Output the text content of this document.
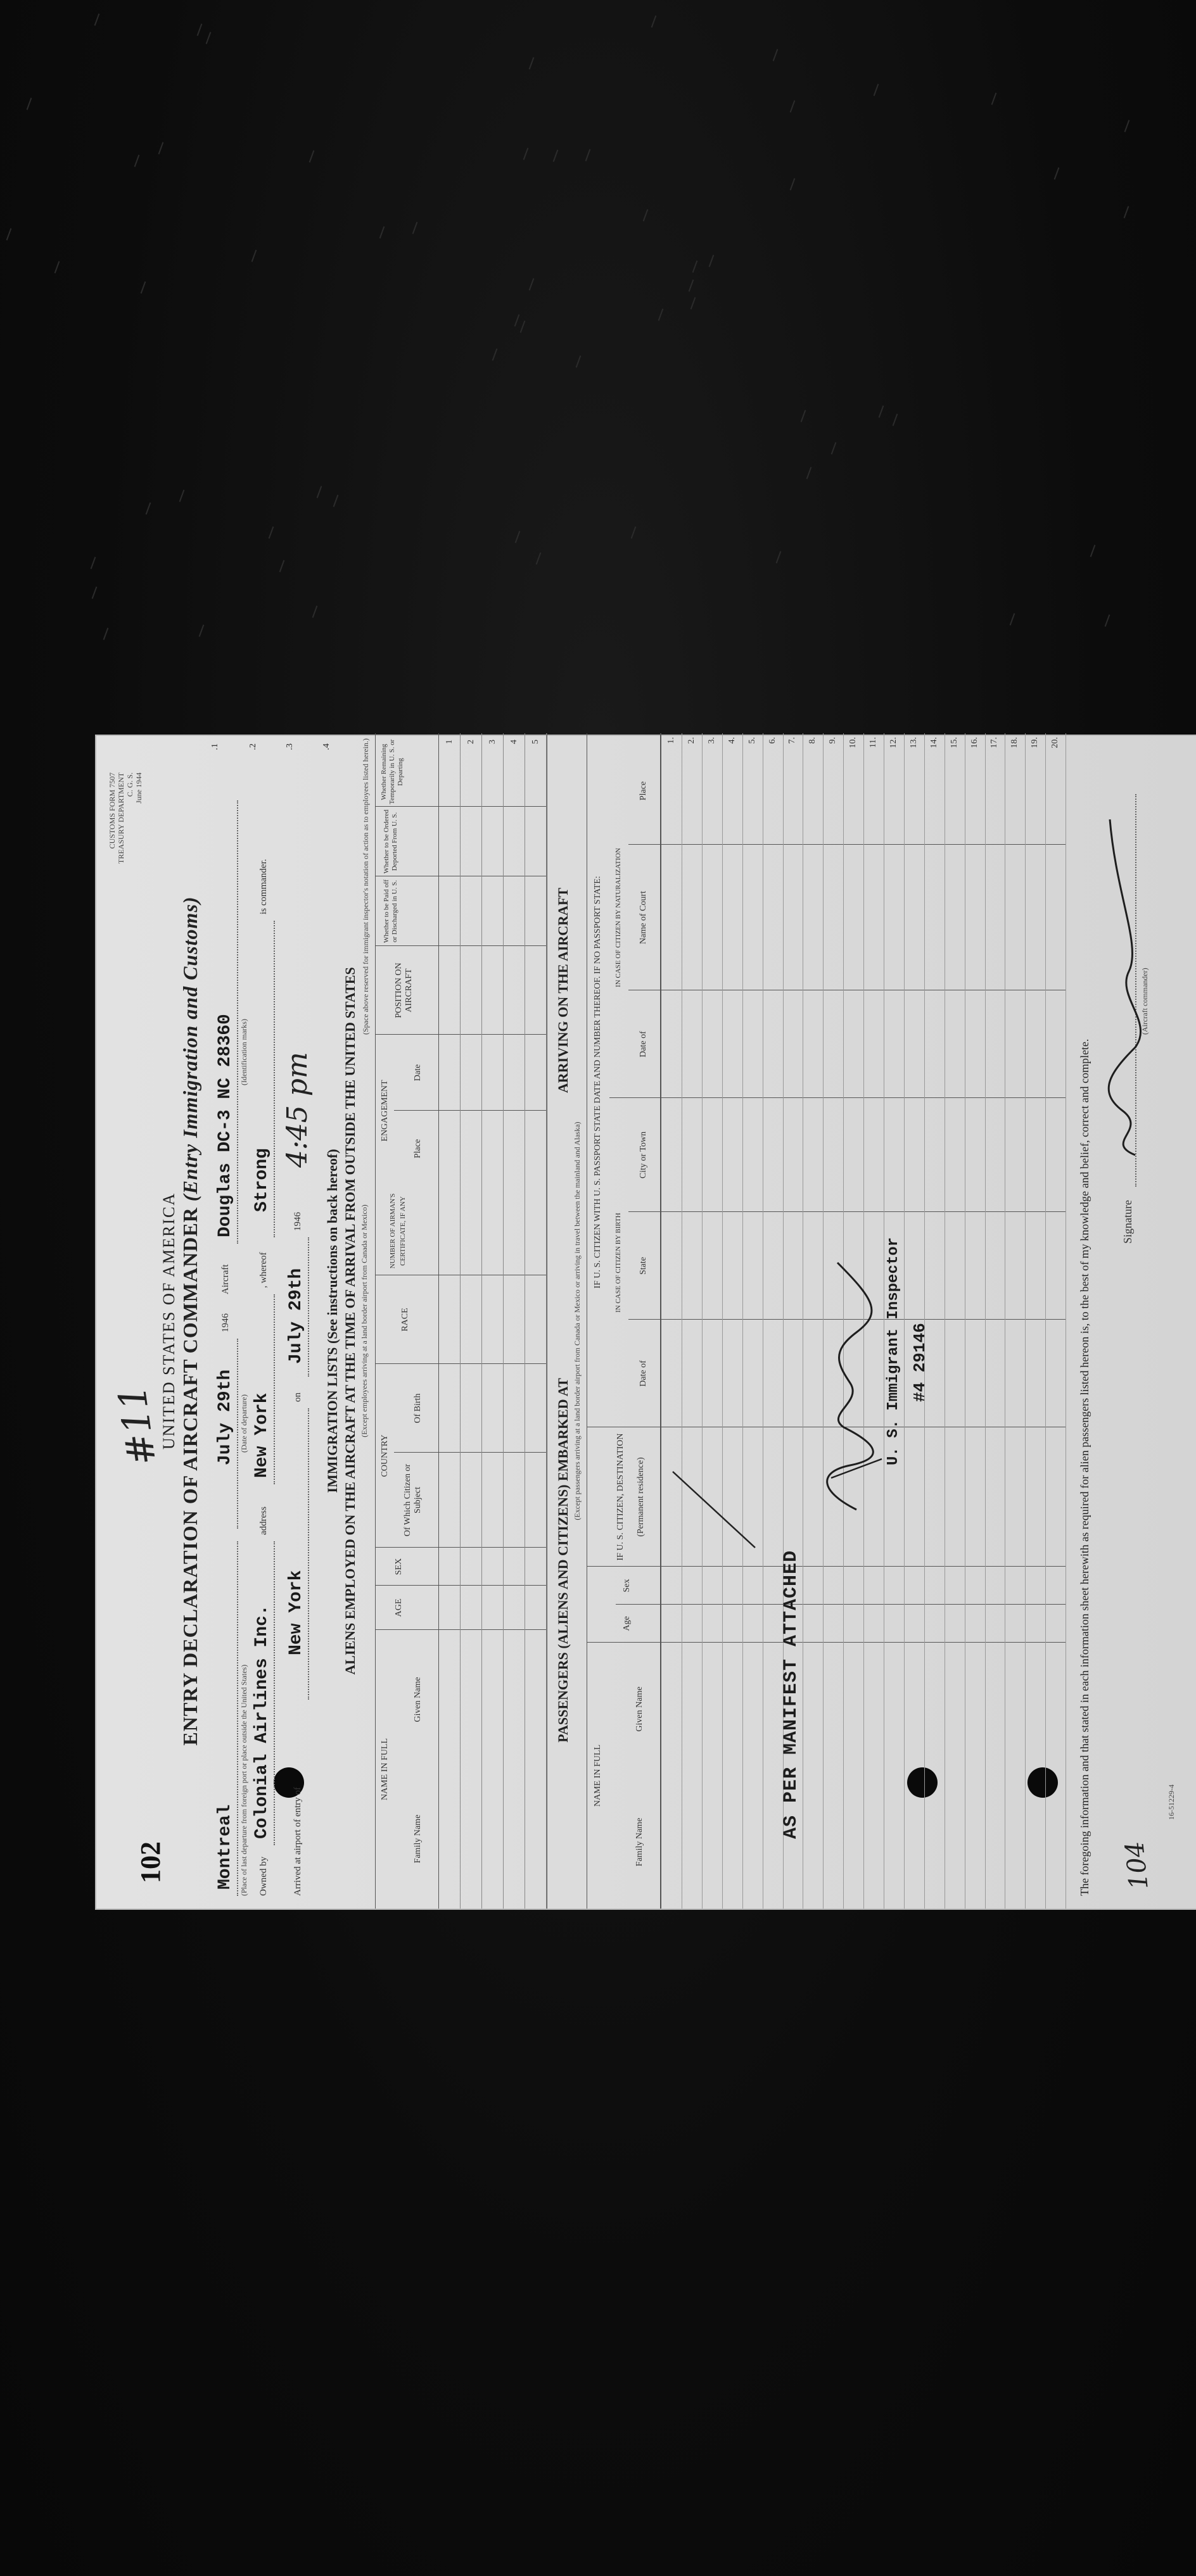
CUSTOMS FORM 7507 TREASURY DEPARTMENT C. G. S. June 1944
#11
102
UNITED STATES OF AMERICA ENTRY DECLARATION OF AIRCRAFT COMMANDER (Entry Immigration and Customs)
.1
Montreal (Place of last departure from foreign port or place outside the United States)
July 29th (Date of departure)
1946
Aircraft
Douglas DC-3 NC 28360 (Identification marks)
.2
Owned by
Colonial Airlines Inc.
address
New York
, whereof
Strong
is commander.
.3
Arrived at airport of entry of
New York
on
July 29th
1946
4:45 pm
.4
IMMIGRATION LISTS (See instructions on back hereof) ALIENS EMPLOYED ON THE AIRCRAFT AT THE TIME OF ARRIVAL FROM OUTSIDE THE UNITED STATES (Except employees arriving at a land border airport from Canada or Mexico)
(Space above reserved for immigrant inspector's notation of action as to employees listed herein.)
NAME IN FULL
Family Name
Given Name
AGE
SEX
COUNTRY
Of Which Citizen or Subject
Of Birth
RACE
NUMBER OF AIRMAN'S CERTIFICATE, IF ANY
ENGAGEMENT
Place
Date
POSITION ON AIRCRAFT
Whether to be Paid off or Discharged in U. S.
Whether to be Ordered Deported From U. S.
Whether Remaining Temporarily in U. S. or Departing
1 2 3 4 5
PASSENGERS (ALIENS AND CITIZENS) EMBARKED AT
ARRIVING ON THE AIRCRAFT
(Except passengers arriving at a land border airport from Canada or Mexico or arriving in travel between the mainland and Alaska)
NAME IN FULL
Family Name
Given Name
Age
Sex
IF U. S. CITIZEN, DESTINATION (Permanent residence)
IF U. S. CITIZEN WITH U. S. PASSPORT STATE DATE AND NUMBER THEREOF. IF NO PASSPORT STATE: IN CASE OF CITIZEN BY BIRTH
IN CASE OF CITIZEN BY NATURALIZATION
Date of
State
City or Town
Date of
Name of Court
Place
1. 2. 3. 4. 5. 6. 7. 8. 9. 10. 11. 12. 13. 14. 15. 16. 17. 18. 19. 20.
AS PER MANIFEST ATTACHED
U. S. Immigrant Inspector #4 29146	The foregoing information and that stated in each information sheet herewith as required for alien passengers listed hereon is, to the best of my knowledge and belief, correct and complete.	Signature
(Aircraft commander)
104
16-51229-4
